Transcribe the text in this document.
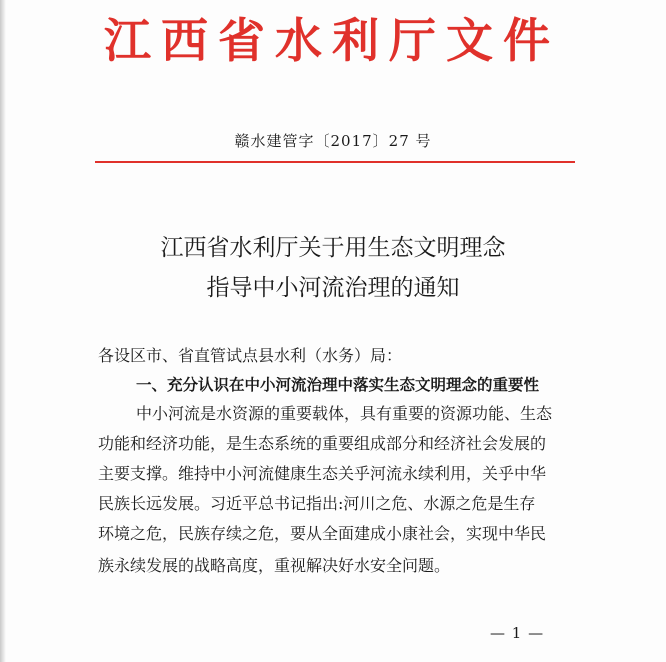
江西省水利厅文件
赣水建管字〔2017〕27 号
江西省水利厅关于用生态文明理念
指导中小河流治理的通知
各设区市、省直管试点县水利（水务）局：
一、充分认识在中小河流治理中落实生态文明理念的重要性
中小河流是水资源的重要载体，具有重要的资源功能、生态
功能和经济功能，是生态系统的重要组成部分和经济社会发展的
主要支撑。维持中小河流健康生态关乎河流永续利用，关乎中华
民族长远发展。习近平总书记指出:河川之危、水源之危是生存
环境之危，民族存续之危，要从全面建成小康社会，实现中华民
族永续发展的战略高度，重视解决好水安全问题。
— 1 —
